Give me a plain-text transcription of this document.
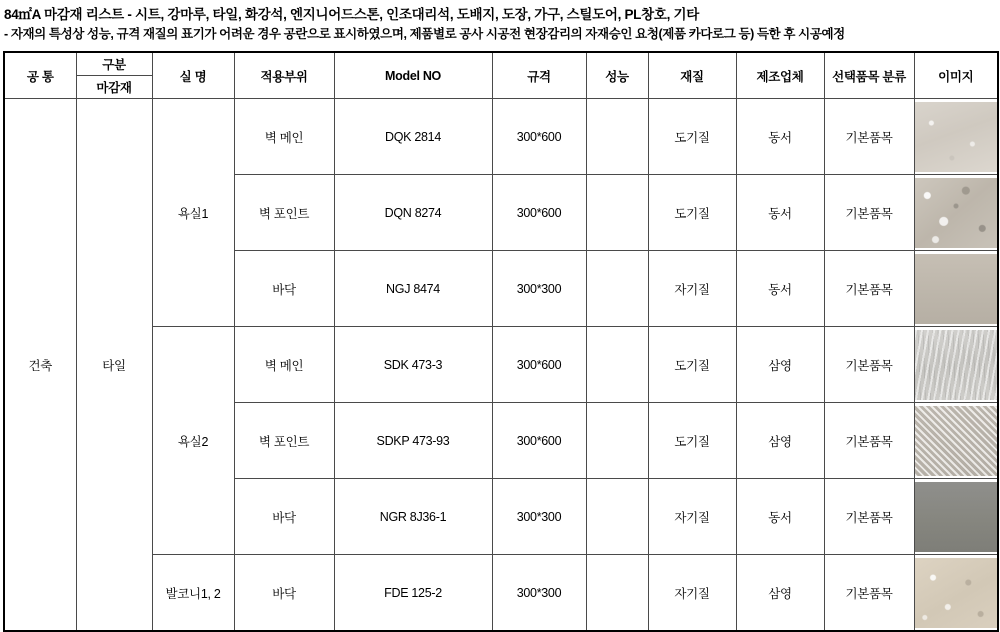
84㎡A 마감재 리스트 - 시트, 강마루, 타일, 화강석, 엔지니어드스톤, 인조대리석, 도배지, 도장, 가구, 스틸도어, PL창호, 기타
- 자재의 특성상 성능, 규격 재질의 표기가 어려운 경우 공란으로 표시하였으며, 제품별로 공사 시공전 현장감리의 자재승인 요청(제품 카다로그 등) 득한 후 시공예정
공 통	구분	실 명	적용부위	Model NO	규격	성능	재질	제조업체	선택품목 분류	이미지
	마감재									
건축	타일	욕실1	벽 메인	DQK 2814	300*600		도기질	동서	기본품목	

			벽 포인트	DQN 8274	300*600		도기질	동서	기본품목	

			바닥	NGJ 8474	300*300		자기질	동서	기본품목	

		욕실2	벽 메인	SDK 473-3	300*600		도기질	삼영	기본품목	

			벽 포인트	SDKP 473-93	300*600		도기질	삼영	기본품목	

			바닥	NGR 8J36-1	300*300		자기질	동서	기본품목	

		발코니1, 2	바닥	FDE 125-2	300*300		자기질	삼영	기본품목	
